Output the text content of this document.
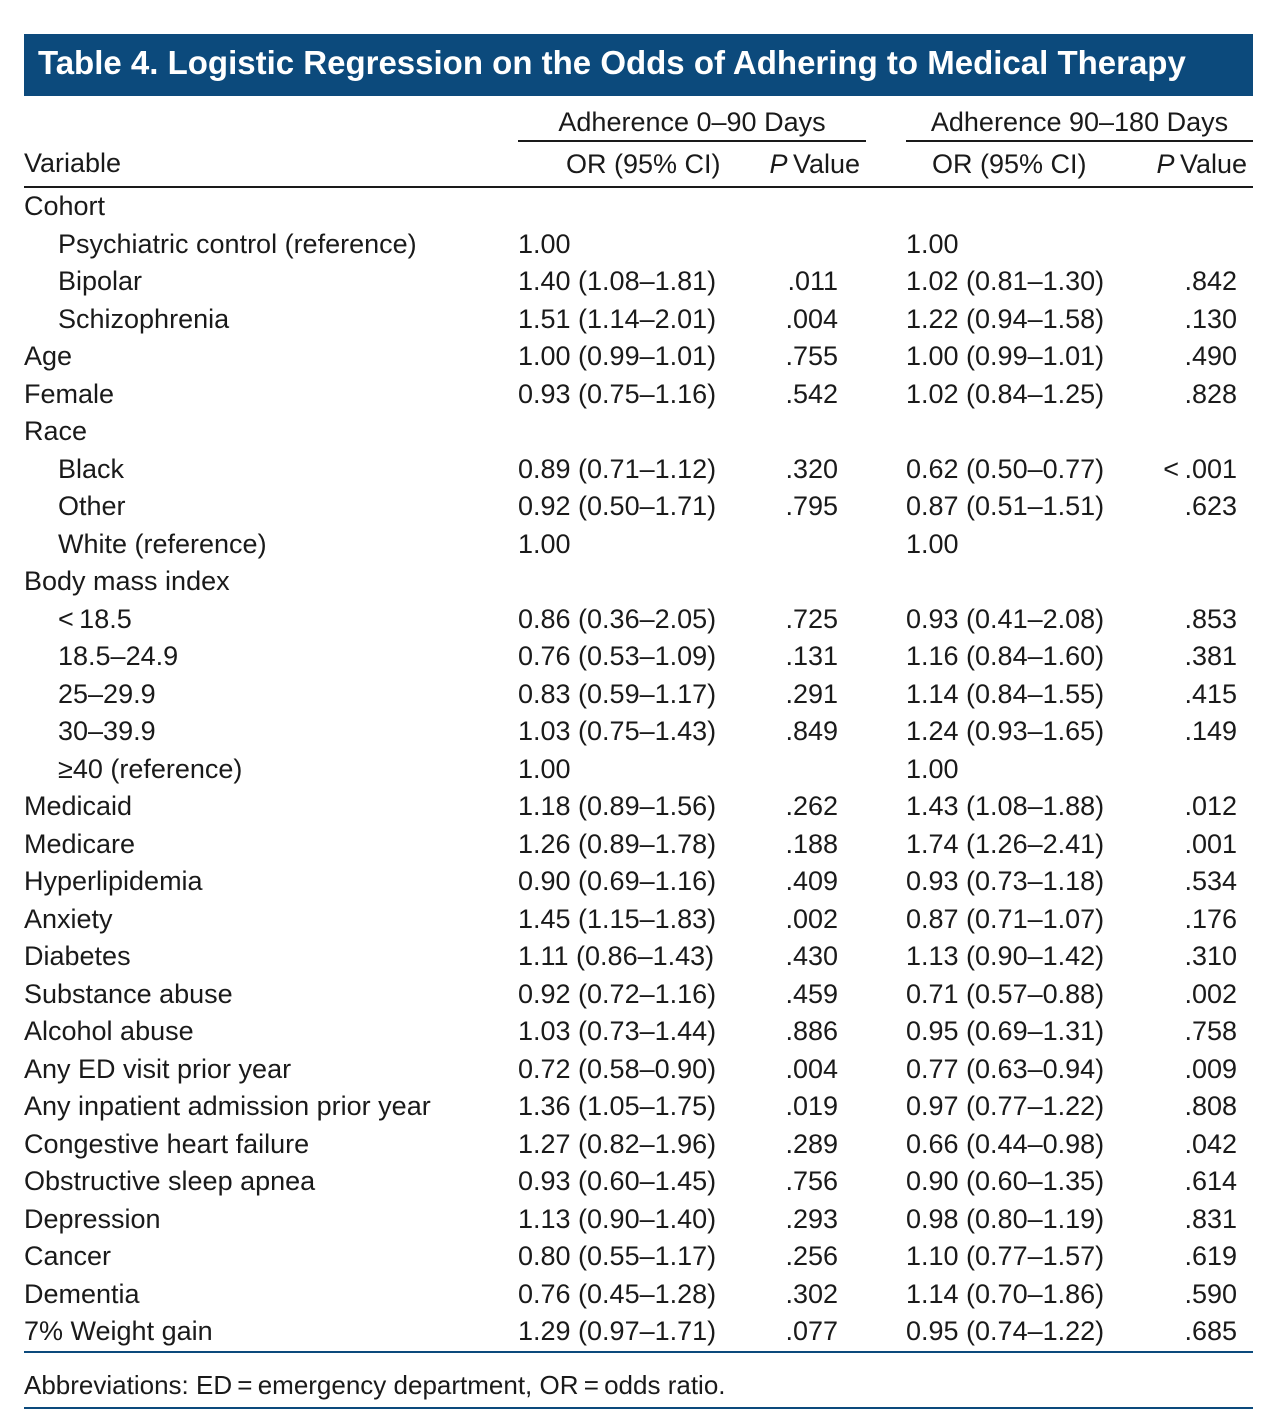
Table 4. Logistic Regression on the Odds of Adhering to Medical Therapy
	Adherence 0–90 Days			Adherence 90–180 Days	
Variable	OR (95% CI)	P  Value		OR (95% CI)	P  Value
Cohort					
Psychiatric control (reference)	1.00			1.00	
Bipolar	1.40 (1.08–1.81)	.011		1.02 (0.81–1.30)	.842
Schizophrenia	1.51 (1.14–2.01)	.004		1.22 (0.94–1.58)	.130
Age	1.00 (0.99–1.01)	.755		1.00 (0.99–1.01)	.490
Female	0.93 (0.75–1.16)	.542		1.02 (0.84–1.25)	.828
Race					
Black	0.89 (0.71–1.12)	.320		0.62 (0.50–0.77)	< .001
Other	0.92 (0.50–1.71)	.795		0.87 (0.51–1.51)	.623
White (reference)	1.00			1.00	
Body mass index					
< 18.5	0.86 (0.36–2.05)	.725		0.93 (0.41–2.08)	.853
18.5–24.9	0.76 (0.53–1.09)	.131		1.16 (0.84–1.60)	.381
25–29.9	0.83 (0.59–1.17)	.291		1.14 (0.84–1.55)	.415
30–39.9	1.03 (0.75–1.43)	.849		1.24 (0.93–1.65)	.149
≥40 (reference)	1.00			1.00	
Medicaid	1.18 (0.89–1.56)	.262		1.43 (1.08–1.88)	.012
Medicare	1.26 (0.89–1.78)	.188		1.74 (1.26–2.41)	.001
Hyperlipidemia	0.90 (0.69–1.16)	.409		0.93 (0.73–1.18)	.534
Anxiety	1.45 (1.15–1.83)	.002		0.87 (0.71–1.07)	.176
Diabetes	1.11 (0.86–1.43)	.430		1.13 (0.90–1.42)	.310
Substance abuse	0.92 (0.72–1.16)	.459		0.71 (0.57–0.88)	.002
Alcohol abuse	1.03 (0.73–1.44)	.886		0.95 (0.69–1.31)	.758
Any ED visit prior year	0.72 (0.58–0.90)	.004		0.77 (0.63–0.94)	.009
Any inpatient admission prior year	1.36 (1.05–1.75)	.019		0.97 (0.77–1.22)	.808
Congestive heart failure	1.27 (0.82–1.96)	.289		0.66 (0.44–0.98)	.042
Obstructive sleep apnea	0.93 (0.60–1.45)	.756		0.90 (0.60–1.35)	.614
Depression	1.13 (0.90–1.40)	.293		0.98 (0.80–1.19)	.831
Cancer	0.80 (0.55–1.17)	.256		1.10 (0.77–1.57)	.619
Dementia	0.76 (0.45–1.28)	.302		1.14 (0.70–1.86)	.590
7% Weight gain	1.29 (0.97–1.71)	.077		0.95 (0.74–1.22)	.685
Abbreviations: ED = emergency department, OR = odds ratio.
